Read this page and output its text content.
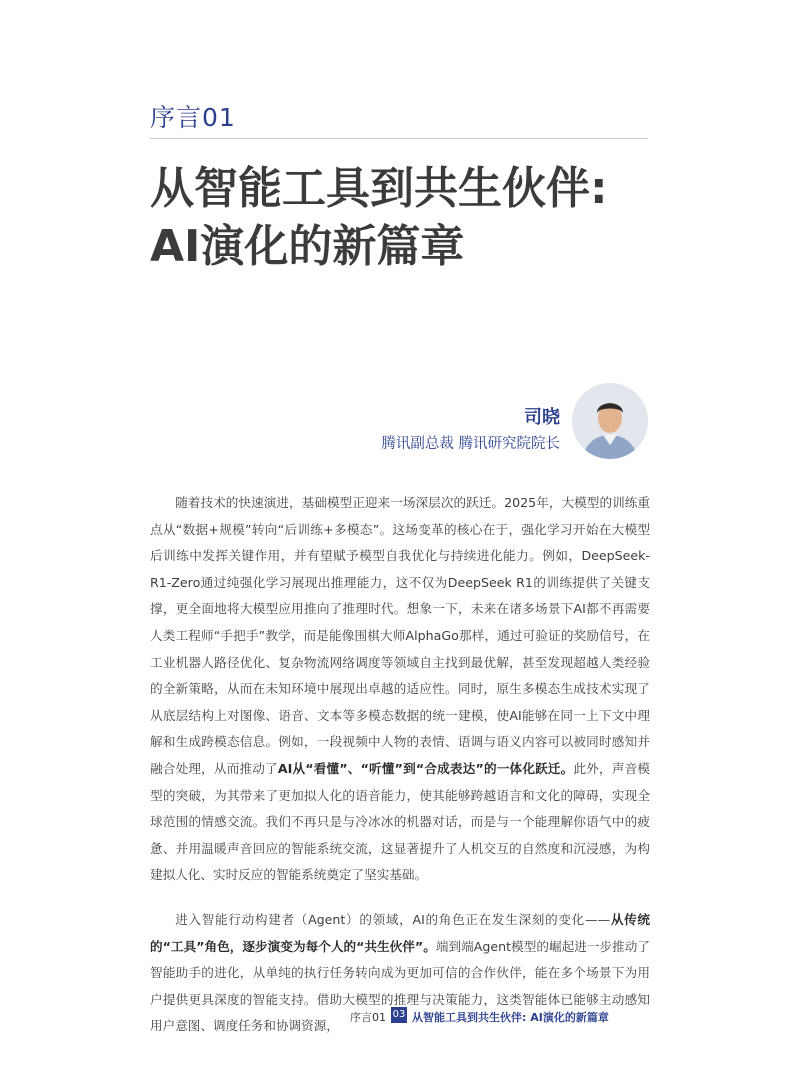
序言01
从智能工具到共生伙伴:
AI演化的新篇章
司晓
腾讯副总裁 腾讯研究院院长

随着技术的快速演进，基础模型正迎来一场深层次的跃迁。2025年，大模型的训练重点从“数据+规模”转向“后训练+多模态”。这场变革的核心在于，强化学习开始在大模型后训练中发挥关键作用，并有望赋予模型自我优化与持续进化能力。例如，DeepSeek-R1-Zero通过纯强化学习展现出推理能力，这不仅为DeepSeek R1的训练提供了关键支撑，更全面地将大模型应用推向了推理时代。想象一下，未来在诸多场景下AI都不再需要人类工程师“手把手”教学，而是能像围棋大师AlphaGo那样，通过可验证的奖励信号，在工业机器人路径优化、复杂物流网络调度等领域自主找到最优解，甚至发现超越人类经验的全新策略，从而在未知环境中展现出卓越的适应性。同时，原生多模态生成技术实现了从底层结构上对图像、语音、文本等多模态数据的统一建模，使AI能够在同一上下文中理解和生成跨模态信息。例如，一段视频中人物的表情、语调与语义内容可以被同时感知并融合处理，从而推动了AI从“看懂”、“听懂”到“合成表达”的一体化跃迁。此外，声音模型的突破，为其带来了更加拟人化的语音能力，使其能够跨越语言和文化的障碍，实现全球范围的情感交流。我们不再只是与冷冰冰的机器对话，而是与一个能理解你语气中的疲惫、并用温暖声音回应的智能系统交流，这显著提升了人机交互的自然度和沉浸感，为构建拟人化、实时反应的智能系统奠定了坚实基础。

进入智能行动构建者（Agent）的领域，AI的角色正在发生深刻的变化——从传统的“工具”角色，逐步演变为每个人的“共生伙伴”。端到端Agent模型的崛起进一步推动了智能助手的进化，从单纯的执行任务转向成为更加可信的合作伙伴，能在多个场景下为用户提供更具深度的智能支持。借助大模型的推理与决策能力，这类智能体已能够主动感知用户意图、调度任务和协调资源，

序言01 03 从智能工具到共生伙伴: AI演化的新篇章
